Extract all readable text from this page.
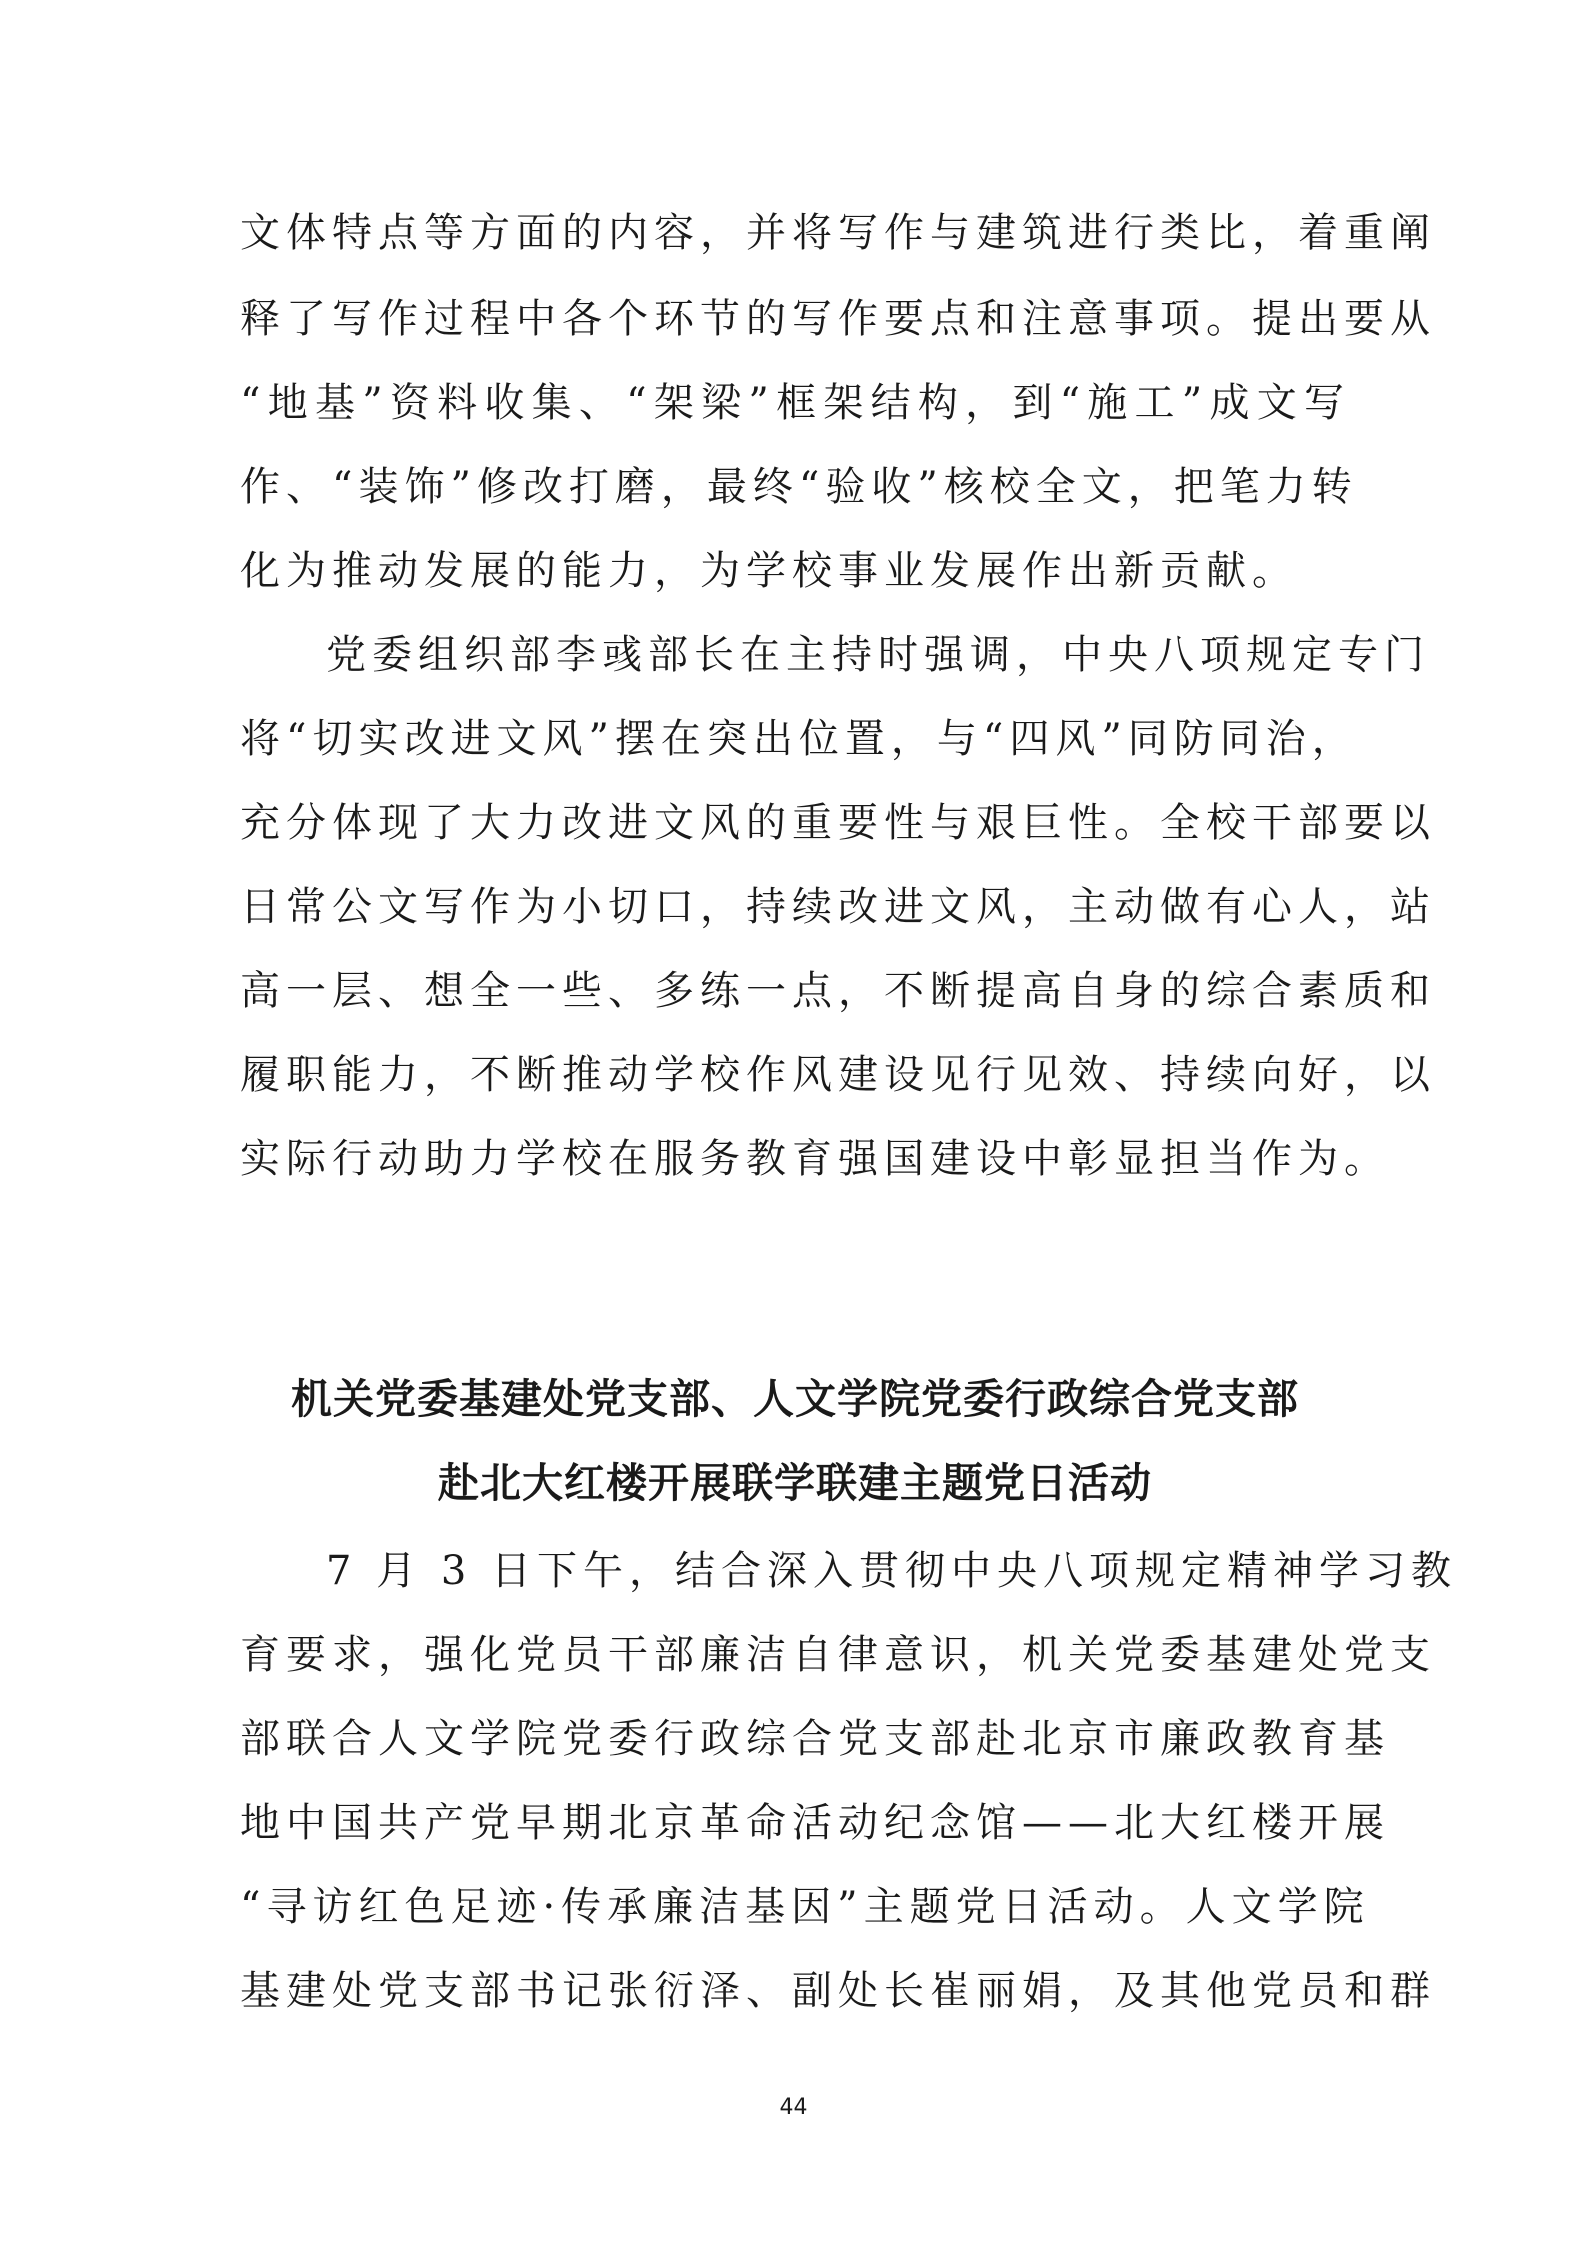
文体特点等方面的内容，并将写作与建筑进行类比，着重阐
释了写作过程中各个环节的写作要点和注意事项。提出要从
“地基”资料收集、“架梁”框架结构，到“施工”成文写
作、“装饰”修改打磨，最终“验收”核校全文，把笔力转
化为推动发展的能力，为学校事业发展作出新贡献。
党委组织部李彧部长在主持时强调，中央八项规定专门
将“切实改进文风”摆在突出位置，与“四风”同防同治，
充分体现了大力改进文风的重要性与艰巨性。全校干部要以
日常公文写作为小切口，持续改进文风，主动做有心人，站
高一层、想全一些、多练一点，不断提高自身的综合素质和
履职能力，不断推动学校作风建设见行见效、持续向好，以
实际行动助力学校在服务教育强国建设中彰显担当作为。
机关党委基建处党支部、人文学院党委行政综合党支部
赴北大红楼开展联学联建主题党日活动
7 月 3 日下午，结合深入贯彻中央八项规定精神学习教
育要求，强化党员干部廉洁自律意识，机关党委基建处党支
部联合人文学院党委行政综合党支部赴北京市廉政教育基
地中国共产党早期北京革命活动纪念馆——北大红楼开展
“寻访红色足迹·传承廉洁基因”主题党日活动。人文学院
基建处党支部书记张衍泽、副处长崔丽娟，及其他党员和群
44
